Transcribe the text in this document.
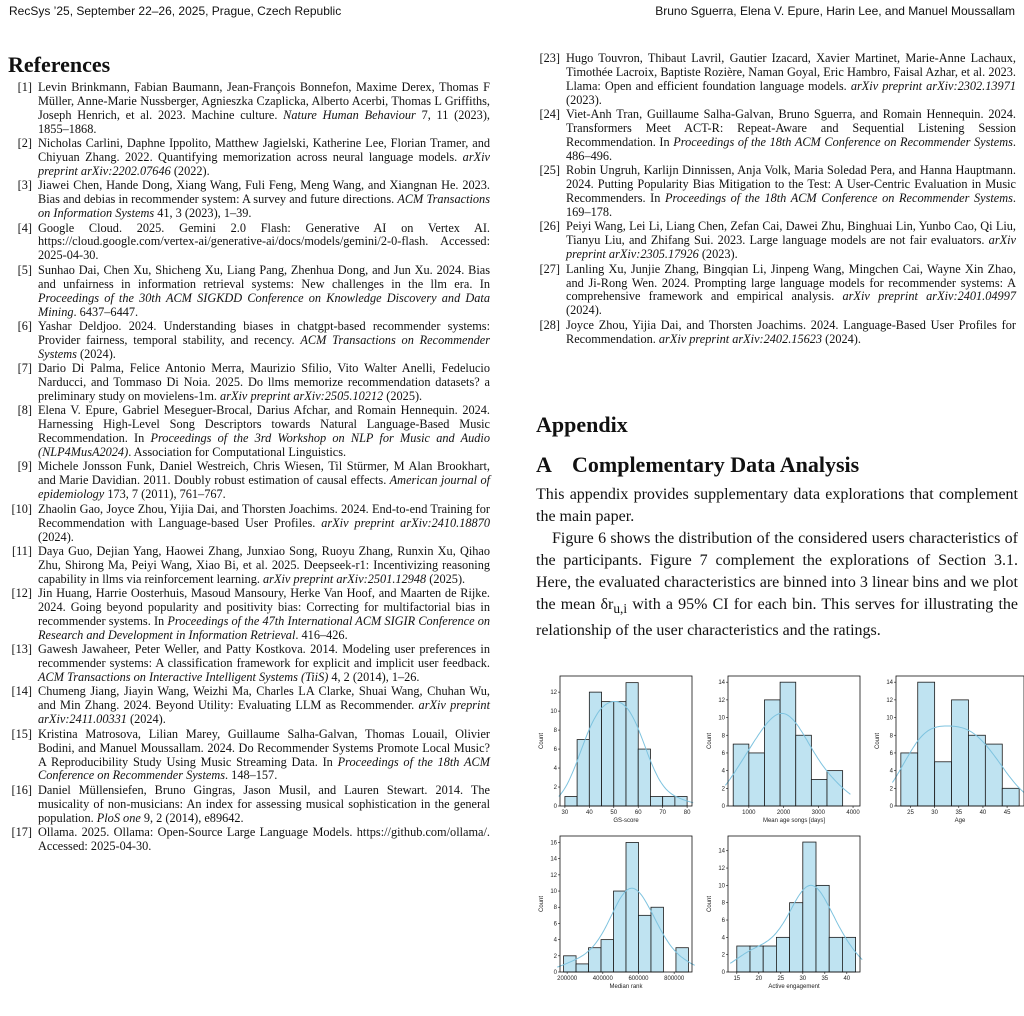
RecSys ’25, September 22–26, 2025, Prague, Czech Republic	Bruno Sguerra, Elena V. Epure, Harin Lee, and Manuel Moussallam
References
[1] Levin Brinkmann, Fabian Baumann, Jean-François Bonnefon, Maxime Derex, Thomas F Müller, Anne-Marie Nussberger, Agnieszka Czaplicka, Alberto Acerbi, Thomas L Griffiths, Joseph Henrich, et al. 2023. Machine culture. Nature Human Behaviour 7, 11 (2023), 1855–1868.
[2] Nicholas Carlini, Daphne Ippolito, Matthew Jagielski, Katherine Lee, Florian Tramer, and Chiyuan Zhang. 2022. Quantifying memorization across neural language models. arXiv preprint arXiv:2202.07646 (2022).
[3] Jiawei Chen, Hande Dong, Xiang Wang, Fuli Feng, Meng Wang, and Xiangnan He. 2023. Bias and debias in recommender system: A survey and future directions. ACM Transactions on Information Systems 41, 3 (2023), 1–39.
[4] Google Cloud. 2025. Gemini 2.0 Flash: Generative AI on Vertex AI. https://cloud.google.com/vertex-ai/generative-ai/docs/models/gemini/2-0-flash. Accessed: 2025-04-30.
[5] Sunhao Dai, Chen Xu, Shicheng Xu, Liang Pang, Zhenhua Dong, and Jun Xu. 2024. Bias and unfairness in information retrieval systems: New challenges in the llm era. In Proceedings of the 30th ACM SIGKDD Conference on Knowledge Discovery and Data Mining. 6437–6447.
[6] Yashar Deldjoo. 2024. Understanding biases in chatgpt-based recommender systems: Provider fairness, temporal stability, and recency. ACM Transactions on Recommender Systems (2024).
[7] Dario Di Palma, Felice Antonio Merra, Maurizio Sfilio, Vito Walter Anelli, Fedelucio Narducci, and Tommaso Di Noia. 2025. Do llms memorize recommendation datasets? a preliminary study on movielens-1m. arXiv preprint arXiv:2505.10212 (2025).
[8] Elena V. Epure, Gabriel Meseguer-Brocal, Darius Afchar, and Romain Hennequin. 2024. Harnessing High-Level Song Descriptors towards Natural Language-Based Music Recommendation. In Proceedings of the 3rd Workshop on NLP for Music and Audio (NLP4MusA2024). Association for Computational Linguistics.
[9] Michele Jonsson Funk, Daniel Westreich, Chris Wiesen, Til Stürmer, M Alan Brookhart, and Marie Davidian. 2011. Doubly robust estimation of causal effects. American journal of epidemiology 173, 7 (2011), 761–767.
[10] Zhaolin Gao, Joyce Zhou, Yijia Dai, and Thorsten Joachims. 2024. End-to-end Training for Recommendation with Language-based User Profiles. arXiv preprint arXiv:2410.18870 (2024).
[11] Daya Guo, Dejian Yang, Haowei Zhang, Junxiao Song, Ruoyu Zhang, Runxin Xu, Qihao Zhu, Shirong Ma, Peiyi Wang, Xiao Bi, et al. 2025. Deepseek-r1: Incentivizing reasoning capability in llms via reinforcement learning. arXiv preprint arXiv:2501.12948 (2025).
[12] Jin Huang, Harrie Oosterhuis, Masoud Mansoury, Herke Van Hoof, and Maarten de Rijke. 2024. Going beyond popularity and positivity bias: Correcting for multifactorial bias in recommender systems. In Proceedings of the 47th International ACM SIGIR Conference on Research and Development in Information Retrieval. 416–426.
[13] Gawesh Jawaheer, Peter Weller, and Patty Kostkova. 2014. Modeling user preferences in recommender systems: A classification framework for explicit and implicit user feedback. ACM Transactions on Interactive Intelligent Systems (TiiS) 4, 2 (2014), 1–26.
[14] Chumeng Jiang, Jiayin Wang, Weizhi Ma, Charles LA Clarke, Shuai Wang, Chuhan Wu, and Min Zhang. 2024. Beyond Utility: Evaluating LLM as Recommender. arXiv preprint arXiv:2411.00331 (2024).
[15] Kristina Matrosova, Lilian Marey, Guillaume Salha-Galvan, Thomas Louail, Olivier Bodini, and Manuel Moussallam. 2024. Do Recommender Systems Promote Local Music? A Reproducibility Study Using Music Streaming Data. In Proceedings of the 18th ACM Conference on Recommender Systems. 148–157.
[16] Daniel Müllensiefen, Bruno Gingras, Jason Musil, and Lauren Stewart. 2014. The musicality of non-musicians: An index for assessing musical sophistication in the general population. PloS one 9, 2 (2014), e89642.
[17] Ollama. 2025. Ollama: Open-Source Large Language Models. https://github.com/ollama/. Accessed: 2025-04-30.
[23] Hugo Touvron, Thibaut Lavril, Gautier Izacard, Xavier Martinet, Marie-Anne Lachaux, Timothée Lacroix, Baptiste Rozière, Naman Goyal, Eric Hambro, Faisal Azhar, et al. 2023. Llama: Open and efficient foundation language models. arXiv preprint arXiv:2302.13971 (2023).
[24] Viet-Anh Tran, Guillaume Salha-Galvan, Bruno Sguerra, and Romain Hennequin. 2024. Transformers Meet ACT-R: Repeat-Aware and Sequential Listening Session Recommendation. In Proceedings of the 18th ACM Conference on Recommender Systems. 486–496.
[25] Robin Ungruh, Karlijn Dinnissen, Anja Volk, Maria Soledad Pera, and Hanna Hauptmann. 2024. Putting Popularity Bias Mitigation to the Test: A User-Centric Evaluation in Music Recommenders. In Proceedings of the 18th ACM Conference on Recommender Systems. 169–178.
[26] Peiyi Wang, Lei Li, Liang Chen, Zefan Cai, Dawei Zhu, Binghuai Lin, Yunbo Cao, Qi Liu, Tianyu Liu, and Zhifang Sui. 2023. Large language models are not fair evaluators. arXiv preprint arXiv:2305.17926 (2023).
[27] Lanling Xu, Junjie Zhang, Bingqian Li, Jinpeng Wang, Mingchen Cai, Wayne Xin Zhao, and Ji-Rong Wen. 2024. Prompting large language models for recommender systems: A comprehensive framework and empirical analysis. arXiv preprint arXiv:2401.04997 (2024).
[28] Joyce Zhou, Yijia Dai, and Thorsten Joachims. 2024. Language-Based User Profiles for Recommendation. arXiv preprint arXiv:2402.15623 (2024).
Appendix
A Complementary Data Analysis

This appendix provides supplementary data explorations that complement the main paper.

Figure 6 shows the distribution of the considered users characteristics of the participants. Figure 7 complement the explorations of Section 3.1. Here, the evaluated characteristics are binned into 3 linear bins and we plot the mean $\delta r_{u,i}$ with a 95% CI for each bin. This serves for illustrating the relationship of the user characteristics and the ratings.

30	40	50	60	70	80
0
2
4
6
8
10
12
GS-score
Count
1000	2000	3000	4000
0
2
4
6
8
10
12
14
Mean age songs [days]
Count
25	30	35	40	45
0
2
4
6
8
10
12
14
Age
Count
200000	400000	600000	800000
0
2
4
6
8
10
12
14
16
Median rank
Count
15	20	25	30	35	40
0
2
4
6
8
10
12
14
Active engagement
Count
